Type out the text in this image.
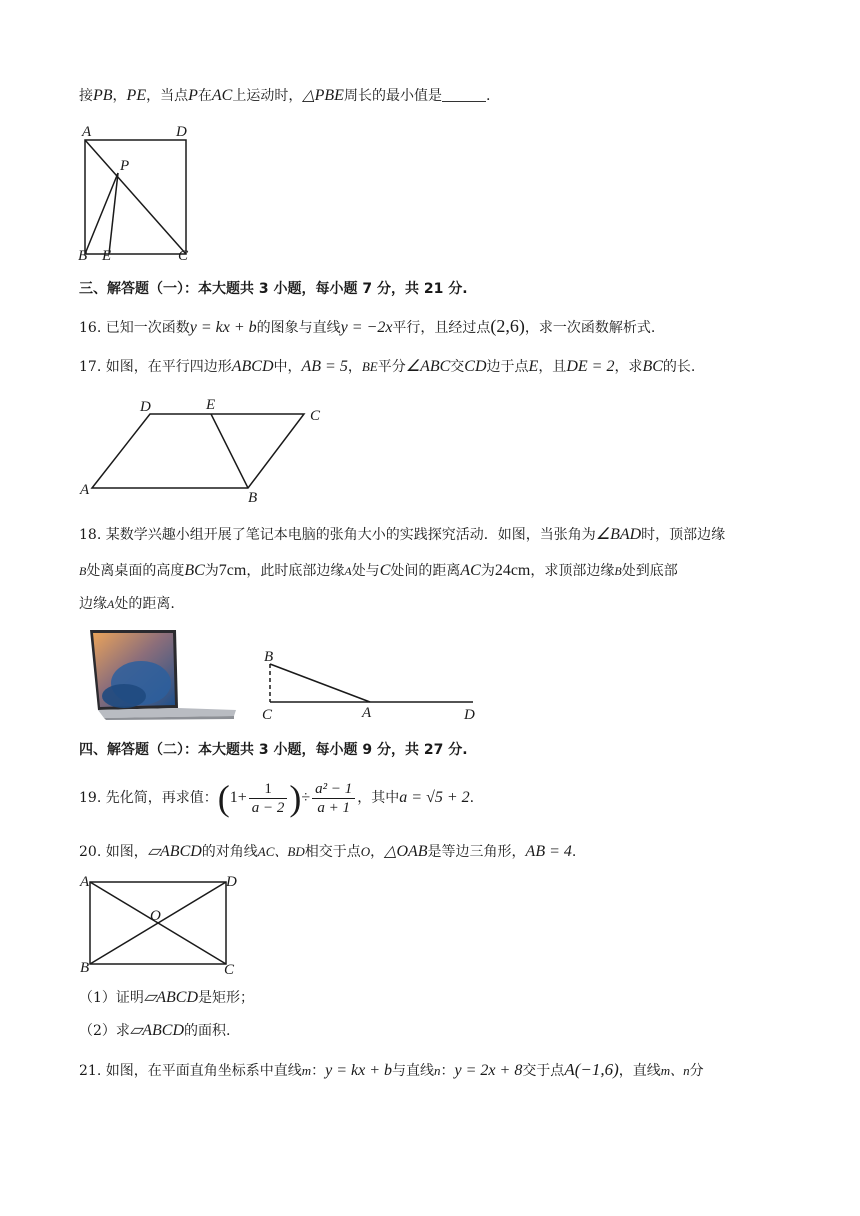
接PB，PE，当点P在AC上运动时，△PBE周长的最小值是	.
A	D
P
B E	C
三、解答题（一）：本大题共 3 小题，每小题 7 分，共 21 分.
16. 已知一次函数y = kx + b的图象与直线y = −2x平行，且经过点(2,6)，求一次函数解析式.
17. 如图，在平行四边形ABCD中，AB = 5，BE平分∠ABC交CD边于点E，且DE = 2，求BC的长.
D	E
C
A	B
18. 某数学兴趣小组开展了笔记本电脑的张角大小的实践探究活动．如图，当张角为∠BAD时，顶部边缘
B处离桌面的高度BC为7cm，此时底部边缘A处与C处间的距离AC为24cm，求顶部边缘B处到底部
边缘A处的距离.
B
C	A	D
四、解答题（二）：本大题共 3 小题，每小题 9 分，共 27 分.
19. 先化简，再求值：($1+ \frac{1}{a - 2}$ )÷ $\frac{\text{a² − 1}}{a + 1}$ ，其中a = √5 + 2.
20. 如图，▱ABCD的对角线AC、BD相交于点O，△OAB是等边三角形，AB = 4.
A	D
O
B	C
（1）证明▱ABCD是矩形；
（2）求▱ABCD的面积.
21. 如图，在平面直角坐标系中直线m：y = kx + b与直线n：y = 2x + 8交于点A(−1,6)，直线m、n分
